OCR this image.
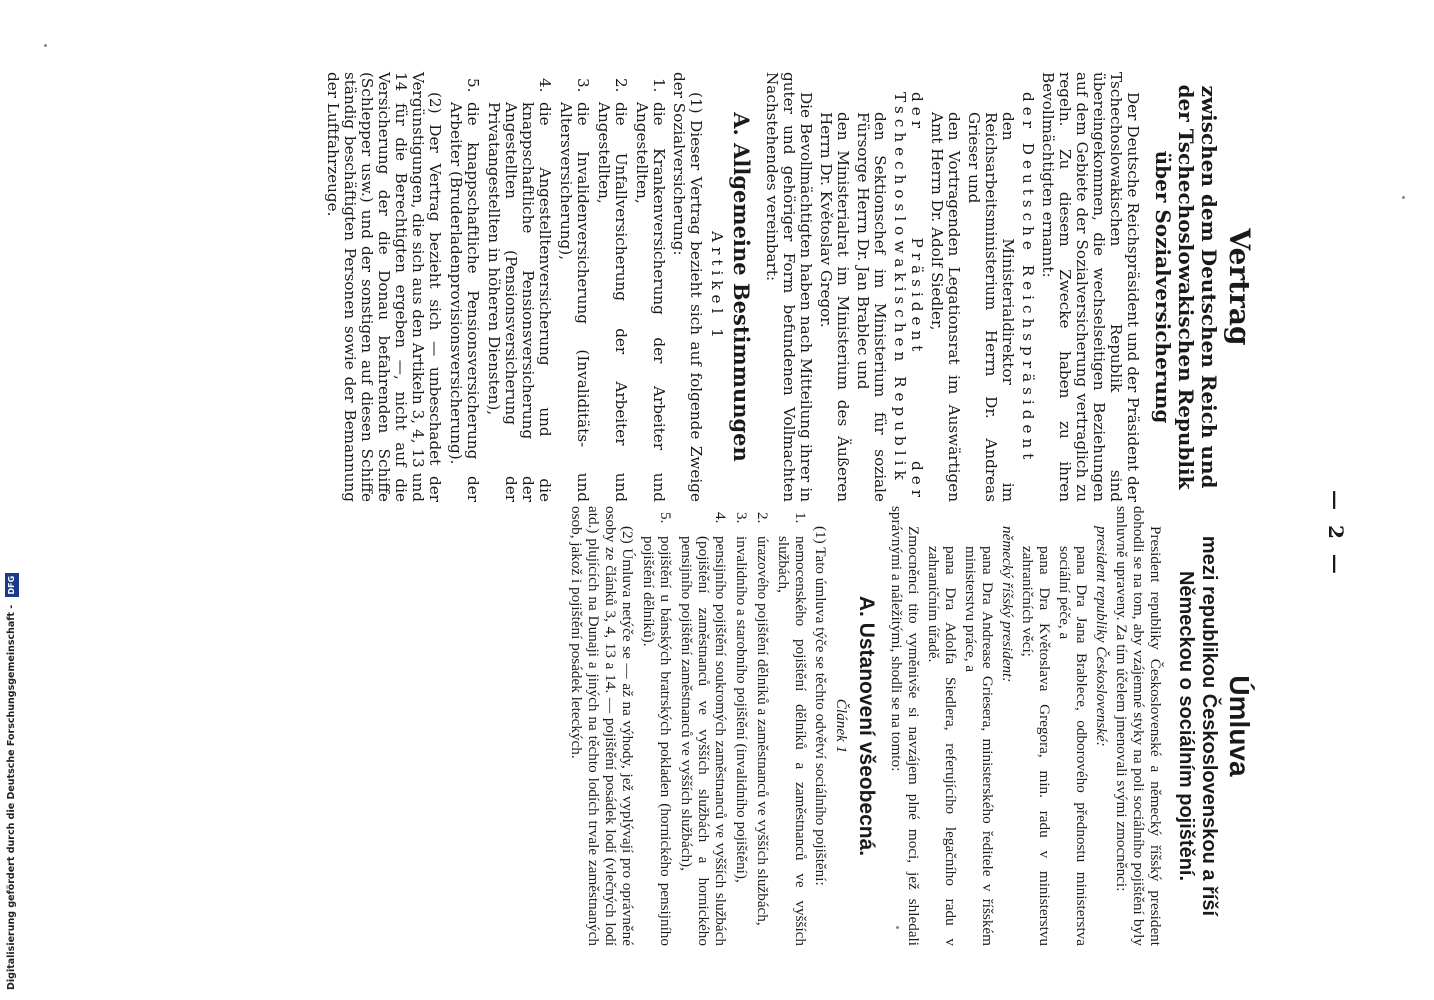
— 2 —
Vertrag
zwischen dem Deutschen Reich und der Tschechoslowakischen Republik über Sozialversicherung

Der Deutsche Reichspräsident und der Präsident der Tschechoslowakischen Republik sind übereingekommen, die wechselseitigen Beziehungen auf dem Gebiete der Sozialversicherung vertraglich zu regeln. Zu diesem Zwecke haben zu ihren Bevollmächtigten ernannt:

der Deutsche Reichspräsident

den Ministerialdirektor im Reichsarbeitsministerium Herrn Dr. Andreas Grieser und

den Vortragenden Legationsrat im Auswärtigen Amt Herrn Dr. Adolf Siedler,

der Präsident der Tschechoslowakischen Republik

den Sektionschef im Ministerium für soziale Fürsorge Herrn Dr. Jan Brablec und

den Ministerialrat im Ministerium des Äußeren Herrn Dr. Květoslav Gregor.

Die Bevollmächtigten haben nach Mitteilung ihrer in guter und gehöriger Form befundenen Vollmachten Nachstehendes vereinbart:

A. Allgemeine Bestimmungen
Artikel 1

(1) Dieser Vertrag bezieht sich auf folgende Zweige der Sozialversicherung:

1.
die Krankenversicherung der Arbeiter und Angestellten,
2.
die Unfallversicherung der Arbeiter und Angestellten,
3.
die Invalidenversicherung (Invaliditäts- und Altersversicherung),
4.
die Angestelltenversicherung und die knappschaftliche Pensionsversicherung der Angestellten (Pensionsversicherung der Privatangestellten in höheren Diensten),
5.
die knappschaftliche Pensionsversicherung der Arbeiter (Bruderladenprovisionsversicherung).

(2) Der Vertrag bezieht sich — unbeschadet der Vergünstigungen, die sich aus den Artikeln 3, 4, 13 und 14 für die Berechtigten ergeben —, nicht auf die Versicherung der die Donau befahrenden Schiffe (Schlepper usw.) und der sonstigen auf diesen Schiffe ständig beschäftigten Personen sowie der Bemannung der Luftfahrzeuge.

Úmluva
mezi republikou Československou a říší Německou o sociálním pojištění.

President republiky Československé a německý říšský president dohodli se na tom, aby vzájemné styky na poli sociálního pojištění byly smluvně upraveny. Za tím účelem jmenovali svými zmocněnci:

president republiky Československé:

pana Dra Jana Brablece, odborového přednostu ministerstva sociální péče, a

pana Dra Květoslava Gregora, min. radu v ministerstvu zahraničních věcí;

německý říšský president:

pana Dra Andrease Griesera, ministerského ředitele v říšském ministerstvu práce, a

pana Dra Adolfa Siedlera, referujícího legačního radu v zahraničním úřadě.

Zmocněnci tito vyměnivše si navzájem plné moci, jež shledali správnými a náležitými, shodli se na tomto:

A. Ustanovení všeobecná.
Článek 1

(1) Tato úmluva týče se těchto odvětví sociálního pojištění:

1.
nemocenského pojištění dělníků a zaměstnanců ve vyšších službách,
2.
úrazového pojištění dělníků a zaměstnanců ve vyšších službách,
3.
invalidního a starobního pojištění (invalidního pojištění),
4.
pensijního pojištění soukromých zaměstnanců ve vyšších službách (pojištění zaměstnanců ve vyšších službách a hornického pensijního pojištění zaměstnanců ve vyšších službách),
5.
pojištění u bánských bratrských pokladen (hornického pensijního pojištění dělníků).

(2) Úmluva netýče se — až na výhody, jež vyplývají pro oprávněné osoby ze článků 3, 4, 13 a 14. — pojištění posádek lodí (vlečných lodí atd.) plujících na Dunaji a jiných na těchto lodích trvale zaměstnaných osob, jakož i pojištění posádek leteckých.

Digitalisierung gefördert durch die Deutsche Forschungsgemeinschaft - DFG
